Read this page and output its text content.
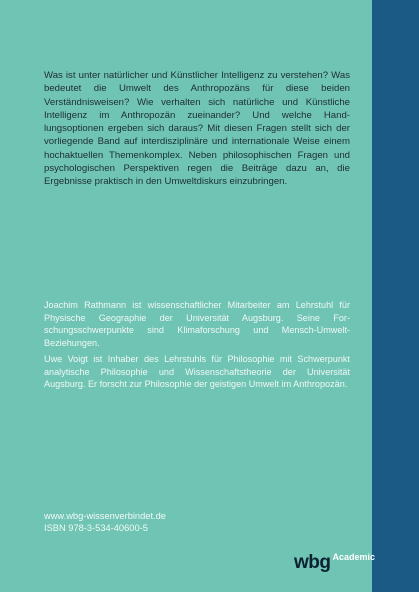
Was ist unter natürlicher und Künstlicher Intelligenz zu verstehen? Was bedeutet die Umwelt des Anthropozäns für diese beiden Verständnisweisen? Wie verhalten sich natürliche und Künstliche Intelligenz im Anthropozän zueinander? Und welche Handlungsoptionen ergeben sich daraus? Mit diesen Fragen stellt sich der vorliegende Band auf interdisziplinäre und internationale Weise einem hochaktuellen Themenkomplex. Neben philosophischen Fragen und psychologischen Perspektiven regen die Beiträge dazu an, die Ergebnisse praktisch in den Umweltdiskurs einzubringen.

Joachim Rathmann ist wissenschaftlicher Mitarbeiter am Lehrstuhl für Physische Geographie der Universität Augsburg. Seine Forschungsschwerpunkte sind Klimaforschung und Mensch-Umwelt-Beziehungen.

Uwe Voigt ist Inhaber des Lehrstuhls für Philosophie mit Schwerpunkt analytische Philosophie und Wissenschaftstheorie der Universität Augsburg. Er forscht zur Philosophie der geistigen Umwelt im Anthropozän.

www.wbg-wissenverbindet.de
ISBN 978-3-534-40600-5
wbg Academic
